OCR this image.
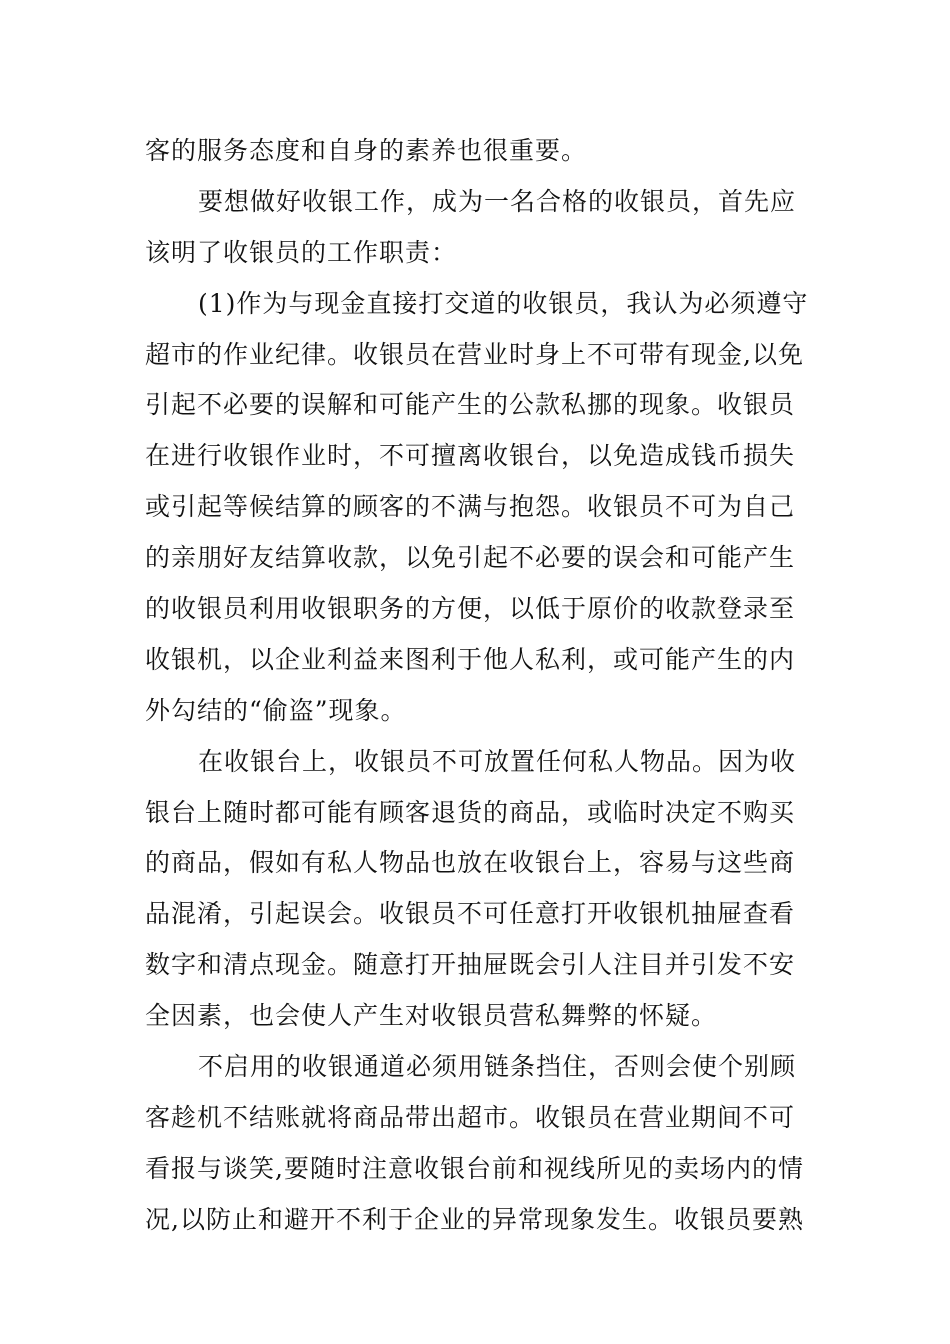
客的服务态度和自身的素养也很重要。
要想做好收银工作，成为一名合格的收银员，首先应
该明了收银员的工作职责：
(1)作为与现金直接打交道的收银员，我认为必须遵守
超市的作业纪律。收银员在营业时身上不可带有现金,以免
引起不必要的误解和可能产生的公款私挪的现象。收银员
在进行收银作业时，不可擅离收银台，以免造成钱币损失
或引起等候结算的顾客的不满与抱怨。收银员不可为自己
的亲朋好友结算收款，以免引起不必要的误会和可能产生
的收银员利用收银职务的方便，以低于原价的收款登录至
收银机，以企业利益来图利于他人私利，或可能产生的内
外勾结的“偷盗”现象。
在收银台上，收银员不可放置任何私人物品。因为收
银台上随时都可能有顾客退货的商品，或临时决定不购买
的商品，假如有私人物品也放在收银台上，容易与这些商
品混淆，引起误会。收银员不可任意打开收银机抽屉查看
数字和清点现金。随意打开抽屉既会引人注目并引发不安
全因素，也会使人产生对收银员营私舞弊的怀疑。
不启用的收银通道必须用链条挡住，否则会使个别顾
客趁机不结账就将商品带出超市。收银员在营业期间不可
看报与谈笑,要随时注意收银台前和视线所见的卖场内的情
况,以防止和避开不利于企业的异常现象发生。收银员要熟
